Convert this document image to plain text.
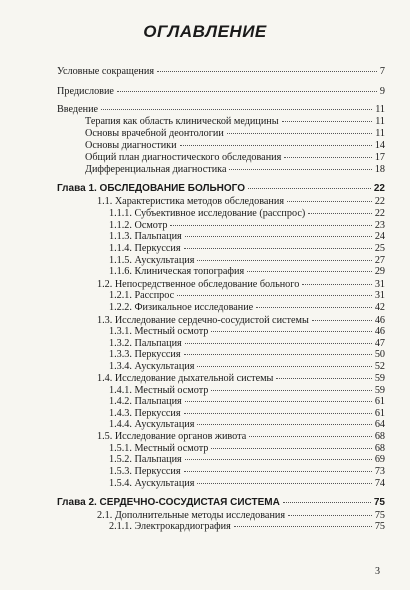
ОГЛАВЛЕНИЕ
Условные сокращения	7
Предисловие	9
Введение	11
Терапия как область клинической медицины	11
Основы врачебной деонтологии	11
Основы диагностики	14
Общий план диагностического обследования	17
Дифференциальная диагностика	18
Глава 1. ОБСЛЕДОВАНИЕ БОЛЬНОГО	22
1.1. Характеристика методов обследования	22
1.1.1. Субъективное исследование (расспрос)	22
1.1.2. Осмотр	23
1.1.3. Пальпация	24
1.1.4. Перкуссия	25
1.1.5. Аускультация	27
1.1.6. Клиническая топография	29
1.2. Непосредственное обследование больного	31
1.2.1. Расспрос	31
1.2.2. Физикальное исследование	42
1.3. Исследование сердечно-сосудистой системы	46
1.3.1. Местный осмотр	46
1.3.2. Пальпация	47
1.3.3. Перкуссия	50
1.3.4. Аускультация	52
1.4. Исследование дыхательной системы	59
1.4.1. Местный осмотр	59
1.4.2. Пальпация	61
1.4.3. Перкуссия	61
1.4.4. Аускультация	64
1.5. Исследование органов живота	68
1.5.1. Местный осмотр	68
1.5.2. Пальпация	69
1.5.3. Перкуссия	73
1.5.4. Аускультация	74
Глава 2. СЕРДЕЧНО-СОСУДИСТАЯ СИСТЕМА	75
2.1. Дополнительные методы исследования	75
2.1.1. Электрокардиография	75
3
